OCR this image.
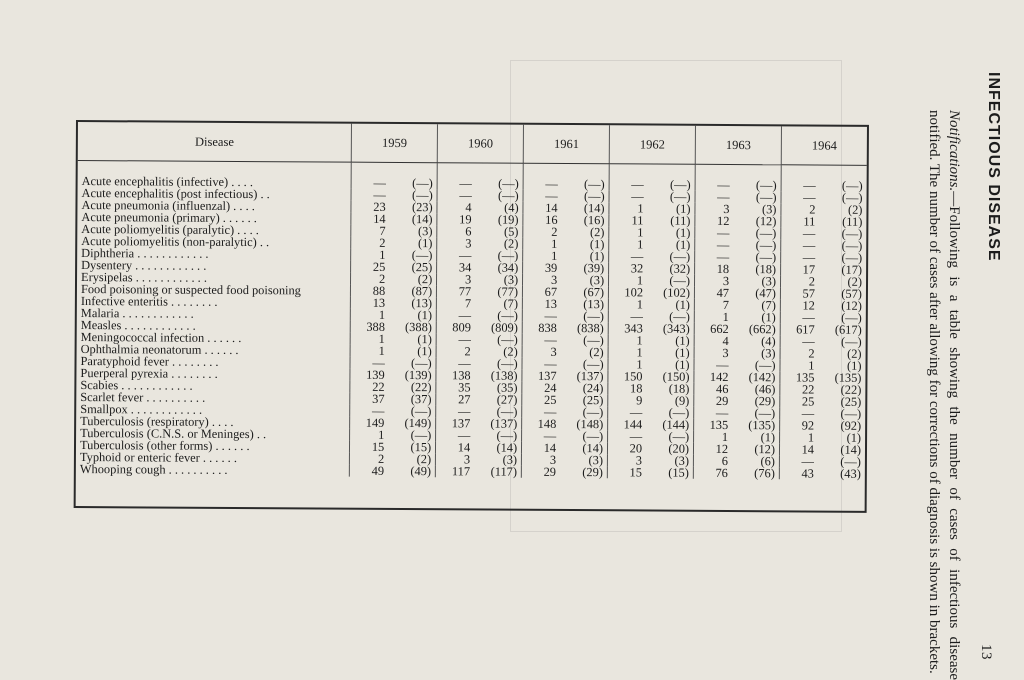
INFECTIOUS DISEASE
13
Notifications.—Following is a table showing the number of cases of infectious disease notified. The number of cases after allowing for corrections of diagnosis is shown in brackets.
Disease	1959	1960	1961	1962	1963	1964
Acute encephalitis (infective) . . . .	— (—)	— (—)	— (—)	— (—)	— (—)	— (—)

Acute encephalitis (post infectious) . .	— (—)	— (—)	— (—)	— (—)	— (—)	— (—)

Acute pneumonia (influenzal) . . . .	23 (23)	4 (4)	14 (14)	1 (1)	3 (3)	2 (2)

Acute pneumonia (primary) . . . . . .	14 (14)	19 (19)	16 (16)	11 (11)	12 (12)	11 (11)

Acute poliomyelitis (paralytic) . . . .	7 (3)	6 (5)	2 (2)	1 (1)	— (—)	— (—)

Acute poliomyelitis (non-paralytic) . .	2 (1)	3 (2)	1 (1)	1 (1)	— (—)	— (—)

Diphtheria . . . . . . . . . . . .	1 (—)	— (—)	1 (1)	— (—)	— (—)	— (—)

Dysentery . . . . . . . . . . . .	25 (25)	34 (34)	39 (39)	32 (32)	18 (18)	17 (17)

Erysipelas . . . . . . . . . . . .	2 (2)	3 (3)	3 (3)	1 (—)	3 (3)	2 (2)

Food poisoning or suspected food poisoning	88 (87)	77 (77)	67 (67)	102 (102)	47 (47)	57 (57)

Infective enteritis . . . . . . . .	13 (13)	7 (7)	13 (13)	1 (1)	7 (7)	12 (12)

Malaria . . . . . . . . . . . .	1 (1)	— (—)	— (—)	— (—)	1 (1)	— (—)

Measles . . . . . . . . . . . .	388 (388)	809 (809)	838 (838)	343 (343)	662 (662)	617 (617)

Meningococcal infection . . . . . .	1 (1)	— (—)	— (—)	1 (1)	4 (4)	— (—)

Ophthalmia neonatorum . . . . . .	1 (1)	2 (2)	3 (2)	1 (1)	3 (3)	2 (2)

Paratyphoid fever . . . . . . . .	— (—)	— (—)	— (—)	1 (1)	— (—)	1 (1)

Puerperal pyrexia . . . . . . . .	139 (139)	138 (138)	137 (137)	150 (150)	142 (142)	135 (135)

Scabies . . . . . . . . . . . .	22 (22)	35 (35)	24 (24)	18 (18)	46 (46)	22 (22)

Scarlet fever . . . . . . . . . .	37 (37)	27 (27)	25 (25)	9 (9)	29 (29)	25 (25)

Smallpox . . . . . . . . . . . .	— (—)	— (—)	— (—)	— (—)	— (—)	— (—)

Tuberculosis (respiratory) . . . .	149 (149)	137 (137)	148 (148)	144 (144)	135 (135)	92 (92)

Tuberculosis (C.N.S. or Meninges) . .	1 (—)	— (—)	— (—)	— (—)	1 (1)	1 (1)

Tuberculosis (other forms) . . . . . .	15 (15)	14 (14)	14 (14)	20 (20)	12 (12)	14 (14)

Typhoid or enteric fever . . . . . .	2 (2)	3 (3)	3 (3)	3 (3)	6 (6)	— (—)

Whooping cough . . . . . . . . . .	49 (49)	117 (117)	29 (29)	15 (15)	76 (76)	43 (43)
